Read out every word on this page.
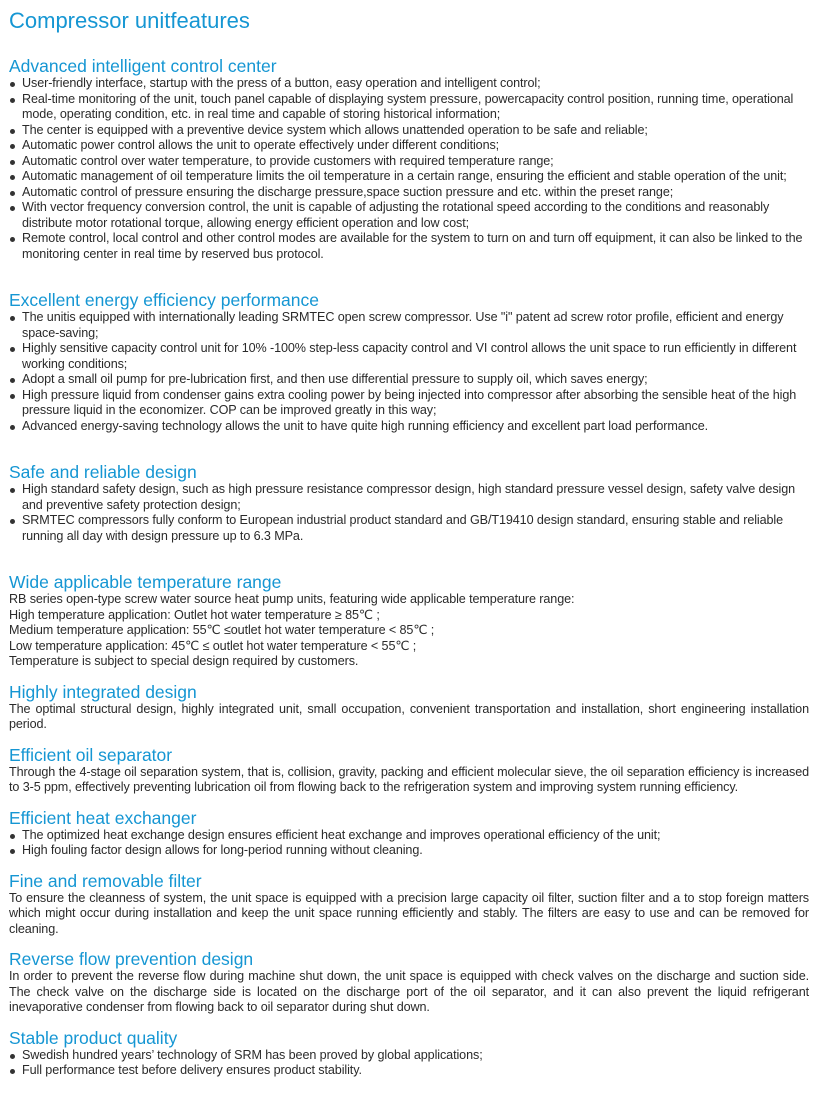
Compressor unitfeatures
Advanced intelligent control center
User-friendly interface, startup with the press of a button, easy operation and intelligent control;
Real-time monitoring of the unit, touch panel capable of displaying system pressure, powercapacity control position, running time, operational mode, operating condition, etc. in real time and capable of storing historical information;
The center is equipped with a preventive device system which allows unattended operation to be safe and reliable;
Automatic power control allows the unit to operate effectively under different conditions;
Automatic control over water temperature, to provide customers with required temperature range;
Automatic management of oil temperature limits the oil temperature in a certain range, ensuring the efficient and stable operation of the unit;
Automatic control of pressure ensuring the discharge pressure,space suction pressure and etc. within the preset range;
With vector frequency conversion control, the unit is capable of adjusting the rotational speed according to the conditions and reasonably distribute motor rotational torque, allowing energy efficient operation and low cost;
Remote control, local control and other control modes are available for the system to turn on and turn off equipment, it can also be linked to the monitoring center in real time by reserved bus protocol.
Excellent energy efficiency performance
The unitis equipped with internationally leading SRMTEC open screw compressor. Use "i" patent ad screw rotor profile, efficient and energy space-saving;
Highly sensitive capacity control unit for 10% -100% step-less capacity control and VI control allows the unit space to run efficiently in different working conditions;
Adopt a small oil pump for pre-lubrication first, and then use differential pressure to supply oil, which saves energy;
High pressure liquid from condenser gains extra cooling power by being injected into compressor after absorbing the sensible heat of the high pressure liquid in the economizer. COP can be improved greatly in this way;
Advanced energy-saving technology allows the unit to have quite high running efficiency and excellent part load performance.
Safe and reliable design
High standard safety design, such as high pressure resistance compressor design, high standard pressure vessel design, safety valve design and preventive safety protection design;
SRMTEC compressors fully conform to European industrial product standard and GB/T19410 design standard, ensuring stable and reliable running all day with design pressure up to 6.3 MPa.
Wide applicable temperature range

RB series open-type screw water source heat pump units, featuring wide applicable temperature range:

High temperature application: Outlet hot water temperature ≥ 85℃ ;

Medium temperature application: 55℃ ≤outlet hot water temperature < 85℃ ;

Low temperature application: 45℃ ≤ outlet hot water temperature < 55℃ ;

Temperature is subject to special design required by customers.

Highly integrated design

The optimal structural design, highly integrated unit, small occupation, convenient transportation and installation, short engineering installation period.

Efficient oil separator

Through the 4-stage oil separation system, that is, collision, gravity, packing and efficient molecular sieve, the oil separation efficiency is increased to 3-5 ppm, effectively preventing lubrication oil from flowing back to the refrigeration system and improving system running efficiency.

Efficient heat exchanger
The optimized heat exchange design ensures efficient heat exchange and improves operational efficiency of the unit;
High fouling factor design allows for long-period running without cleaning.
Fine and removable filter

To ensure the cleanness of system, the unit space is equipped with a precision large capacity oil filter, suction filter and a to stop foreign matters which might occur during installation and keep the unit space running efficiently and stably. The filters are easy to use and can be removed for cleaning.

Reverse flow prevention design

In order to prevent the reverse flow during machine shut down, the unit space is equipped with check valves on the discharge and suction side. The check valve on the discharge side is located on the discharge port of the oil separator, and it can also prevent the liquid refrigerant inevaporative condenser from flowing back to oil separator during shut down.

Stable product quality
Swedish hundred years’ technology of SRM has been proved by global applications;
Full performance test before delivery ensures product stability.
